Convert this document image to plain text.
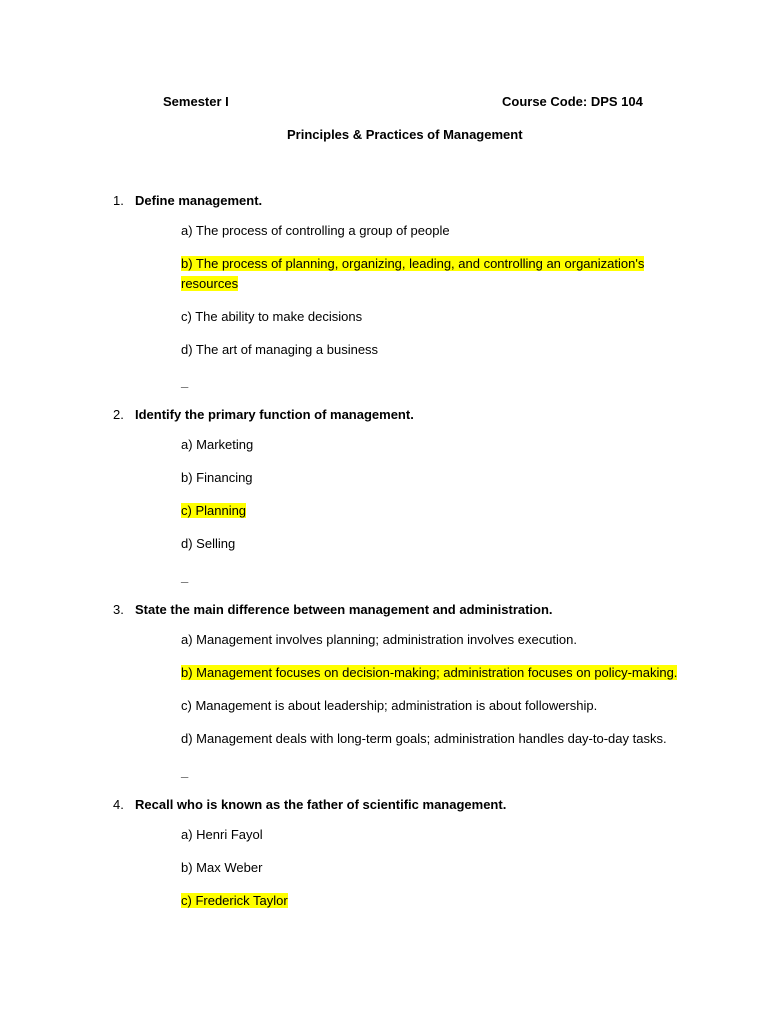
Semester I	Course Code: DPS 104
Principles & Practices of Management
1. Define management.
a) The process of controlling a group of people
b) The process of planning, organizing, leading, and controlling an organization's
resources
c) The ability to make decisions
d) The art of managing a business
_
2. Identify the primary function of management.
a) Marketing
b) Financing
c) Planning
d) Selling
_
3. State the main difference between management and administration.
a) Management involves planning; administration involves execution.
b) Management focuses on decision-making; administration focuses on policy-making.
c) Management is about leadership; administration is about followership.
d) Management deals with long-term goals; administration handles day-to-day tasks.
_
4. Recall who is known as the father of scientific management.
a) Henri Fayol
b) Max Weber
c) Frederick Taylor
